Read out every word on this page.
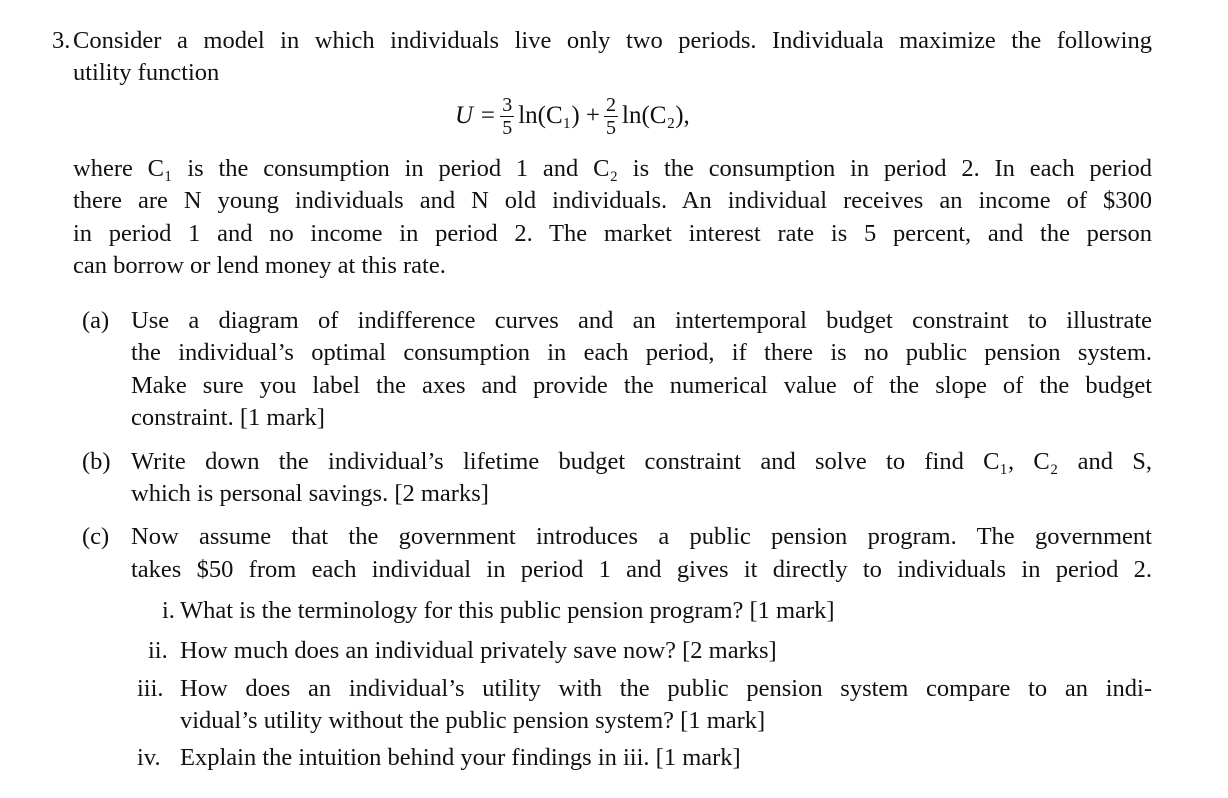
3. Consider a model in which individuals live only two periods. Individuala maximize the following
utility function
$U = \frac{3}{5} \ln(C_1) + \frac{2}{5} \ln(C_2)$,
where C₁ is the consumption in period 1 and C₂ is the consumption in period 2. In each period
there are N young individuals and N old individuals. An individual receives an income of $300
in period 1 and no income in period 2. The market interest rate is 5 percent, and the person
can borrow or lend money at this rate.
(a) Use a diagram of indifference curves and an intertemporal budget constraint to illustrate
the individual’s optimal consumption in each period, if there is no public pension system.
Make sure you label the axes and provide the numerical value of the slope of the budget
constraint. [1 mark]
(b) Write down the individual’s lifetime budget constraint and solve to find C₁, C₂ and S,
which is personal savings. [2 marks]
(c) Now assume that the government introduces a public pension program. The government
takes $50 from each individual in period 1 and gives it directly to individuals in period 2.
i. What is the terminology for this public pension program? [1 mark]
ii. How much does an individual privately save now? [2 marks]
iii. How does an individual’s utility with the public pension system compare to an indi-
vidual’s utility without the public pension system? [1 mark]
iv. Explain the intuition behind your findings in iii. [1 mark]
